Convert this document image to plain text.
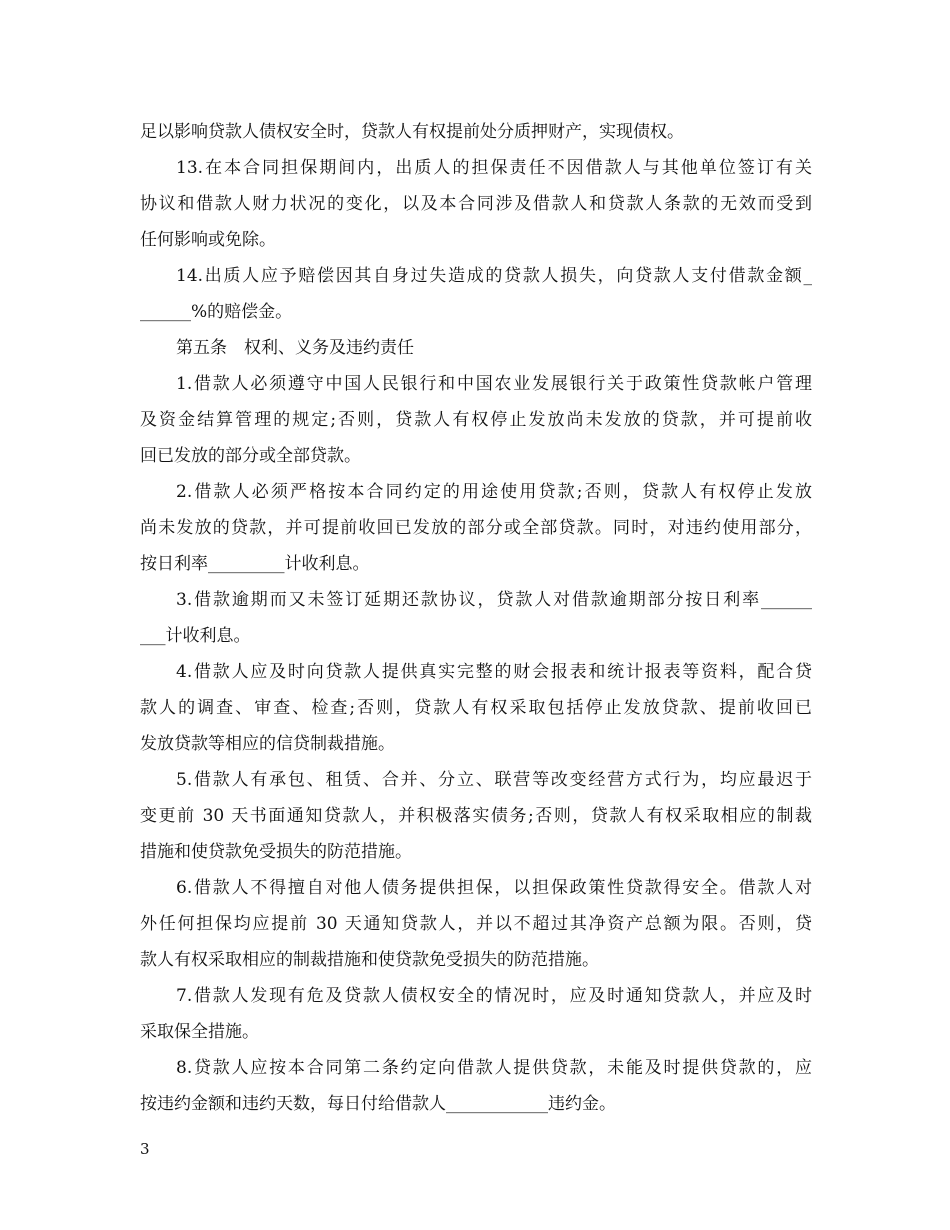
足以影响贷款人债权安全时，贷款人有权提前处分质押财产，实现债权。
13.在本合同担保期间内，出质人的担保责任不因借款人与其他单位签订有关
协议和借款人财力状况的变化，以及本合同涉及借款人和贷款人条款的无效而受到
任何影响或免除。
14.出质人应予赔偿因其自身过失造成的贷款人损失，向贷款人支付借款金额_
______%的赔偿金。
第五条　权利、义务及违约责任
1.借款人必须遵守中国人民银行和中国农业发展银行关于政策性贷款帐户管理
及资金结算管理的规定;否则，贷款人有权停止发放尚未发放的贷款，并可提前收
回已发放的部分或全部贷款。
2.借款人必须严格按本合同约定的用途使用贷款;否则，贷款人有权停止发放
尚未发放的贷款，并可提前收回已发放的部分或全部贷款。同时，对违约使用部分，
按日利率_________计收利息。
3.借款逾期而又未签订延期还款协议，贷款人对借款逾期部分按日利率______
___计收利息。
4.借款人应及时向贷款人提供真实完整的财会报表和统计报表等资料，配合贷
款人的调查、审查、检查;否则，贷款人有权采取包括停止发放贷款、提前收回已
发放贷款等相应的信贷制裁措施。
5.借款人有承包、租赁、合并、分立、联营等改变经营方式行为，均应最迟于
变更前 30 天书面通知贷款人，并积极落实债务;否则，贷款人有权采取相应的制裁
措施和使贷款免受损失的防范措施。
6.借款人不得擅自对他人债务提供担保，以担保政策性贷款得安全。借款人对
外任何担保均应提前 30 天通知贷款人，并以不超过其净资产总额为限。否则，贷
款人有权采取相应的制裁措施和使贷款免受损失的防范措施。
7.借款人发现有危及贷款人债权安全的情况时，应及时通知贷款人，并应及时
采取保全措施。
8.贷款人应按本合同第二条约定向借款人提供贷款，未能及时提供贷款的，应
按违约金额和违约天数，每日付给借款人____________违约金。
3
